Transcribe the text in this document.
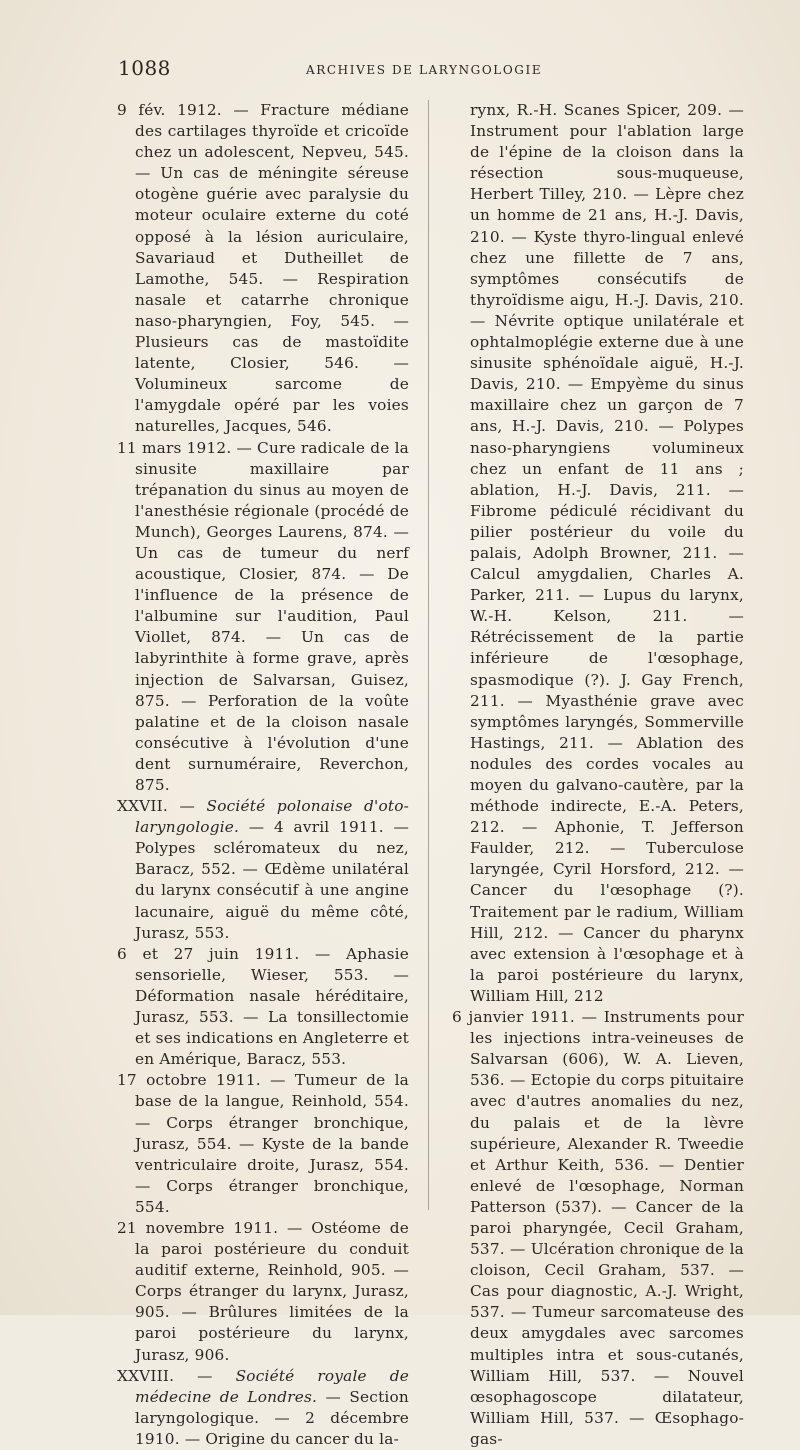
1088	ARCHIVES DE LARYNGOLOGIE

9 fév. 1912. — Fracture médiane des cartilages thyroïde et cricoïde chez un adolescent, Nepveu, 545. — Un cas de méningite séreuse otogène guérie avec paralysie du moteur oculaire externe du coté opposé à la lésion auriculaire, Savariaud et Dutheillet de Lamothe, 545. — Respiration nasale et catarrhe chronique naso-pharyngien, Foy, 545. — Plusieurs cas de mastoïdite latente, Closier, 546. — Volumineux sarcome de l'amygdale opéré par les voies naturelles, Jacques, 546.

11 mars 1912. — Cure radicale de la sinusite maxillaire par trépanation du sinus au moyen de l'anesthésie régionale (procédé de Munch), Georges Laurens, 874. — Un cas de tumeur du nerf acoustique, Closier, 874. — De l'influence de la présence de l'albumine sur l'audition, Paul Viollet, 874. — Un cas de labyrinthite à forme grave, après injection de Salvarsan, Guisez, 875. — Perforation de la voûte palatine et de la cloison nasale consécutive à l'évolution d'une dent surnuméraire, Reverchon, 875.

XXVII. — Société polonaise d'oto-laryngologie. — 4 avril 1911. — Polypes scléromateux du nez, Baracz, 552. — Œdème unilatéral du larynx consécutif à une angine lacunaire, aiguë du même côté, Jurasz, 553.

6 et 27 juin 1911. — Aphasie sensorielle, Wieser, 553. — Déformation nasale héréditaire, Jurasz, 553. — La tonsillectomie et ses indications en Angleterre et en Amérique, Baracz, 553.

17 octobre 1911. — Tumeur de la base de la langue, Reinhold, 554. — Corps étranger bronchique, Jurasz, 554. — Kyste de la bande ventriculaire droite, Jurasz, 554. — Corps étranger bronchique, 554.

21 novembre 1911. — Ostéome de la paroi postérieure du conduit auditif externe, Reinhold, 905. — Corps étranger du larynx, Jurasz, 905. — Brûlures limitées de la paroi postérieure du larynx, Jurasz, 906.

XXVIII. — Société royale de médecine de Londres. — Section laryngologique. — 2 décembre 1910. — Origine du cancer du la-

rynx, R.-H. Scanes Spicer, 209. — Instrument pour l'ablation large de l'épine de la cloison dans la résection sous-muqueuse, Herbert Tilley, 210. — Lèpre chez un homme de 21 ans, H.-J. Davis, 210. — Kyste thyro-lingual enlevé chez une fillette de 7 ans, symptômes consécutifs de thyroïdisme aigu, H.-J. Davis, 210. — Névrite optique unilatérale et ophtalmoplégie externe due à une sinusite sphénoïdale aiguë, H.-J. Davis, 210. — Empyème du sinus maxillaire chez un garçon de 7 ans, H.-J. Davis, 210. — Polypes naso-pharyngiens volumineux chez un enfant de 11 ans ; ablation, H.-J. Davis, 211. — Fibrome pédiculé récidivant du pilier postérieur du voile du palais, Adolph Browner, 211. — Calcul amygdalien, Charles A. Parker, 211. — Lupus du larynx, W.-H. Kelson, 211. — Rétrécissement de la partie inférieure de l'œsophage, spasmodique (?). J. Gay French, 211. — Myasthénie grave avec symptômes laryngés, Sommerville Hastings, 211. — Ablation des nodules des cordes vocales au moyen du galvano-cautère, par la méthode indirecte, E.-A. Peters, 212. — Aphonie, T. Jefferson Faulder, 212. — Tuberculose laryngée, Cyril Horsford, 212. — Cancer du l'œsophage (?). Traitement par le radium, William Hill, 212. — Cancer du pharynx avec extension à l'œsophage et à la paroi postérieure du larynx, William Hill, 212

6 janvier 1911. — Instruments pour les injections intra-veineuses de Salvarsan (606), W. A. Lieven, 536. — Ectopie du corps pituitaire avec d'autres anomalies du nez, du palais et de la lèvre supérieure, Alexander R. Tweedie et Arthur Keith, 536. — Dentier enlevé de l'œsophage, Norman Patterson (537). — Cancer de la paroi pharyngée, Cecil Graham, 537. — Ulcération chronique de la cloison, Cecil Graham, 537. — Cas pour diagnostic, A.-J. Wright, 537. — Tumeur sarcomateuse des deux amygdales avec sarcomes multiples intra et sous-cutanés, William Hill, 537. — Nouvel œsophagoscope dilatateur, William Hill, 537. — Œsophago-gas-
